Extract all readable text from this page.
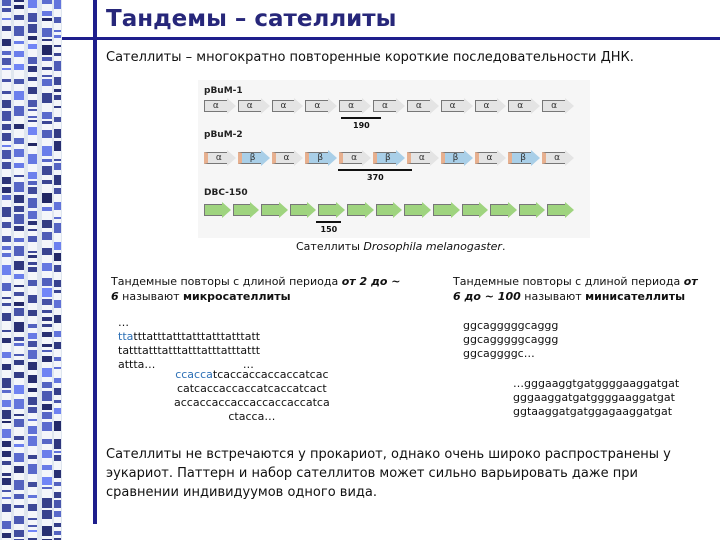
Тандемы – сателлиты

Сателлиты – многократно повторенные короткие последовательности ДНК.

pBuM-1
α	α	α	α	α	α	α	α	α	α	α
190
pBuM-2
α	β	α	β	α	β	α	β	α	β	α
370
DBC-150
150

Сателлиты Drosophila melanogaster.

Тандемные повторы с длиной периода от 2 до ~ 6 называют микросателлиты

…
ttatttatttatttatttatttatttatt
tatttatttatttatttatttatttattt
attta…                         …
ccaccatcaccaccaccaccatcac
catcaccaccaccatcaccatcact
accaccaccaccaccaccaccatca
ctacca…

Тандемные повторы с длиной периода от 6 до ~ 100 называют минисателлиты

ggcagggggcaggg
ggcagggggcaggg
ggcaggggc…
…gggaaggtgatggggaaggatgat
gggaaggatgatggggaaggatgat
ggtaaggatgatggagaaggatgat

Сателлиты не встречаются у прокариот, однако очень широко распространены у эукариот. Паттерн и набор сателлитов может сильно варьировать даже при сравнении индивидуумов одного вида.
